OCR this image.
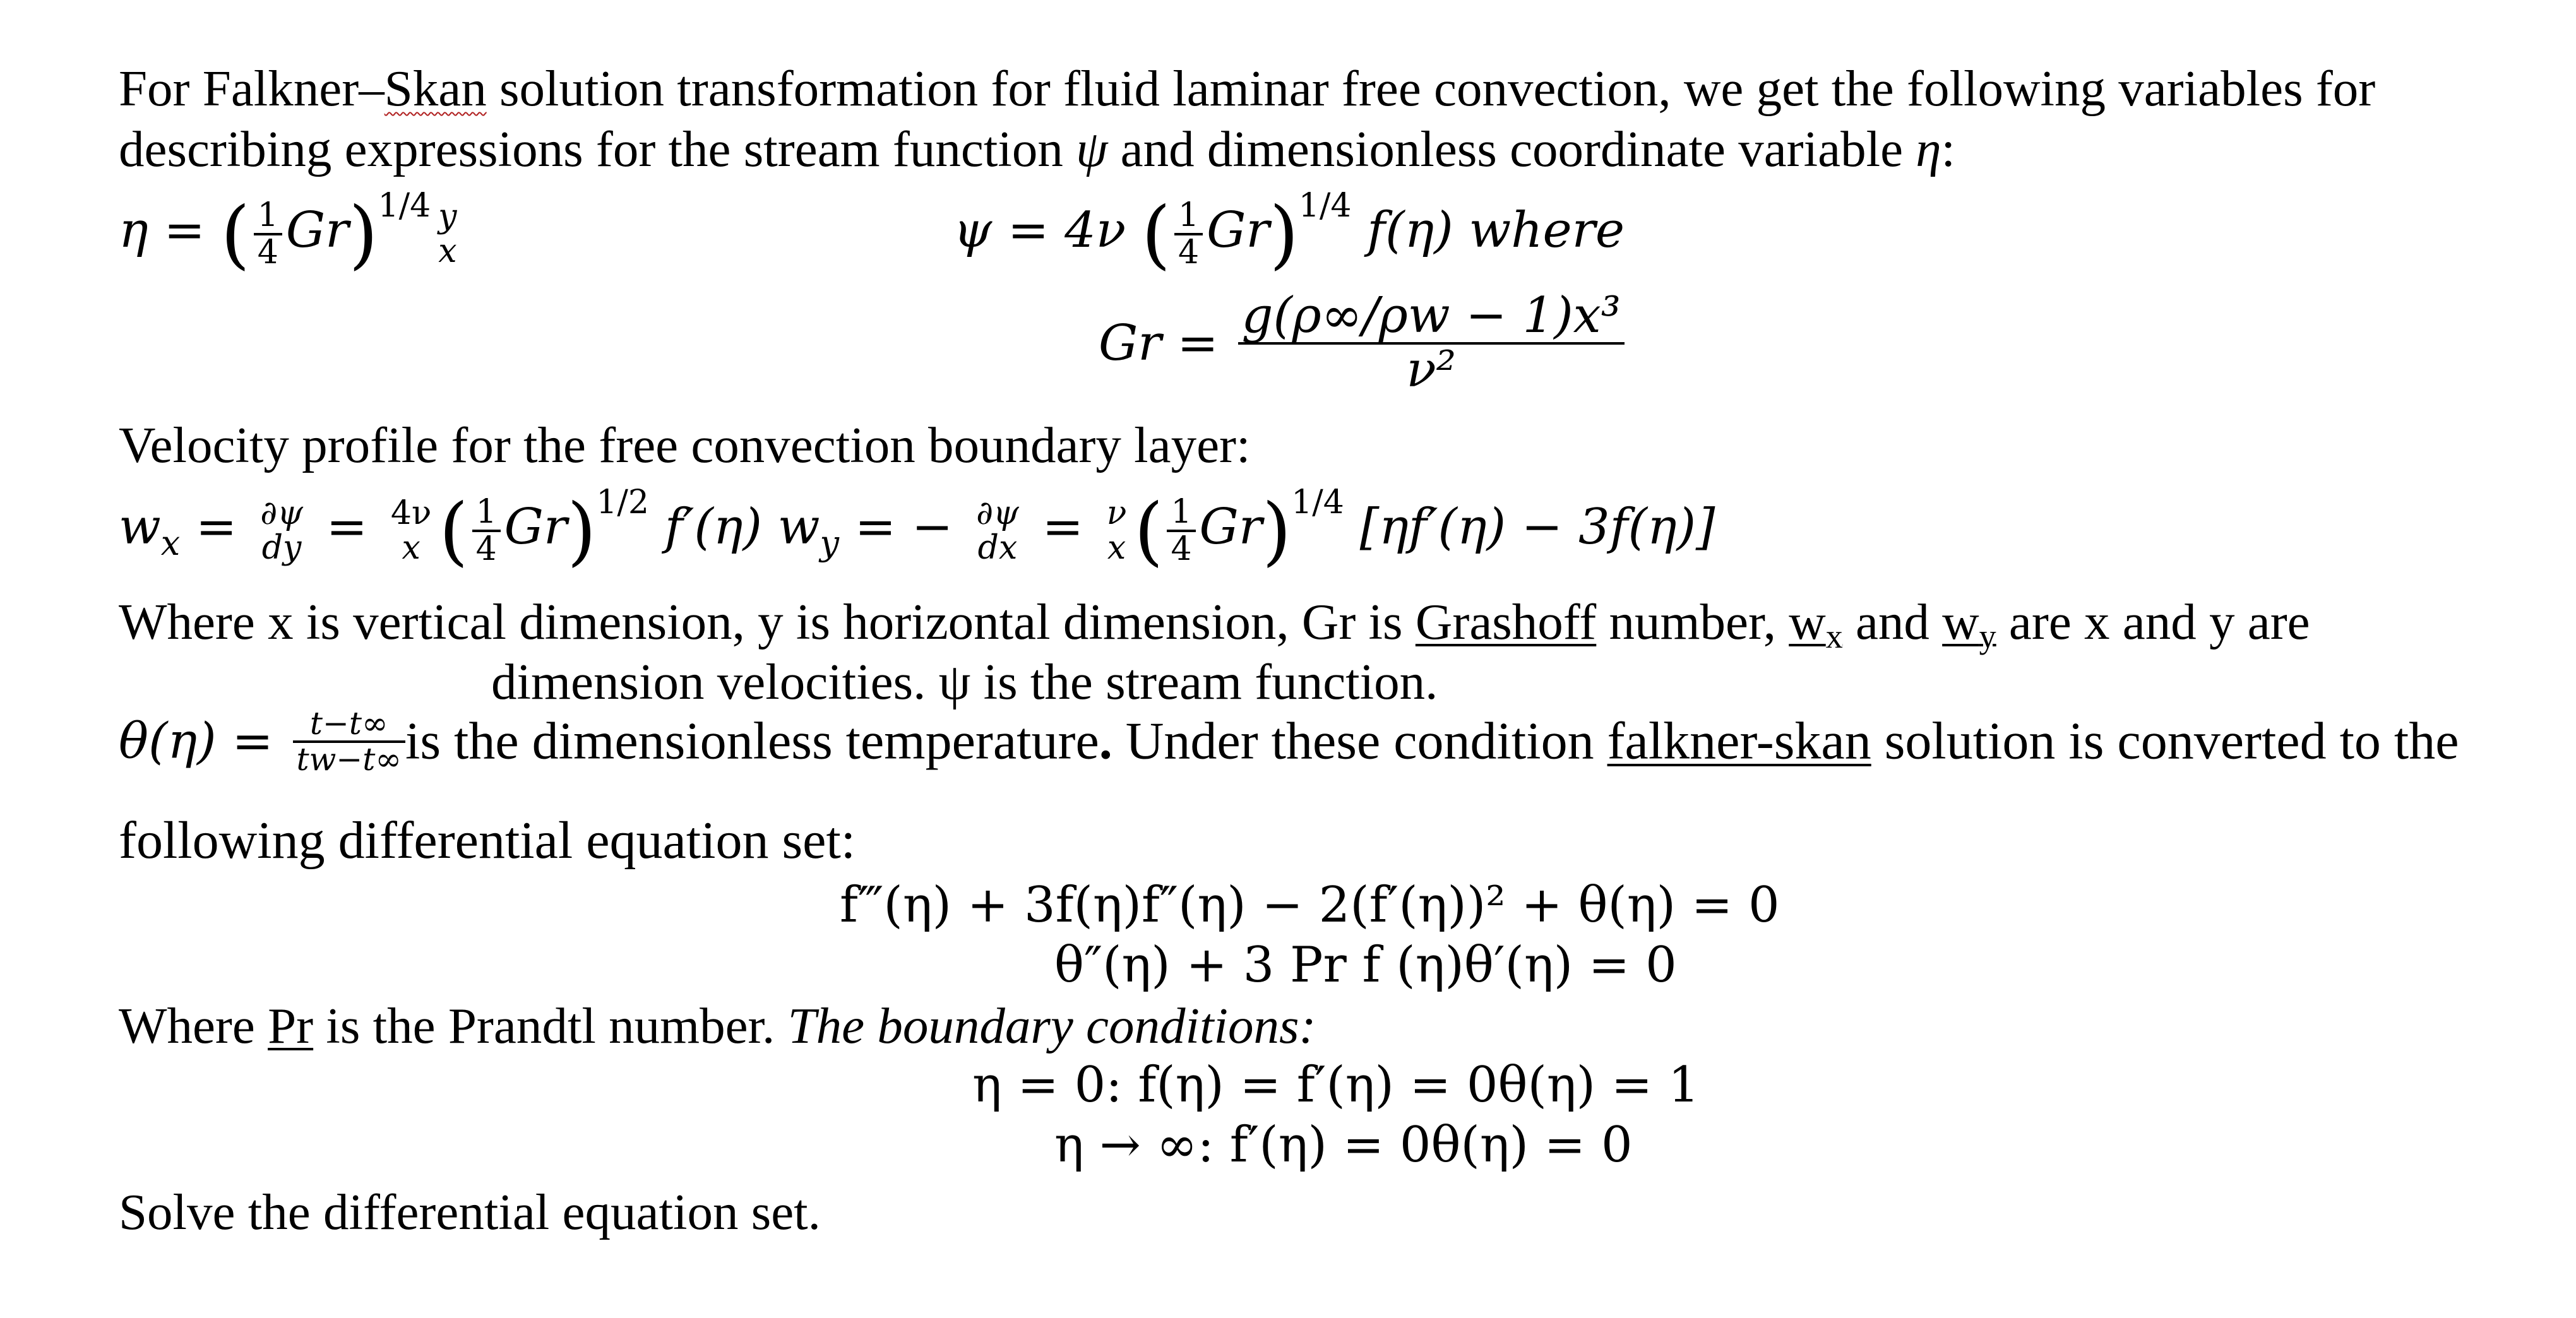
For Falkner–Skan solution transformation for fluid laminar free convection, we get the following variables for
describing expressions for the stream function ψ and dimensionless coordinate variable η:
η = ( $\frac{1}{4} Gr)^{1/4}$ y
x	ψ = 4ν ( $\frac{1}{4} Gr)^{1/4}$ f(η) where
$Gr = \frac{\text{g(ρ∞/ρw − 1)x³}}{\text{ν²}}$
Velocity profile for the free convection boundary layer:
$w_x = \partial\psi$
dy = 4ν
x ( $\frac{1}{4} Gr)^{1/2}$ f′(η) $w_y$ = − ∂ψ
dx = ν
x ( $\frac{1}{4} Gr)^{1/4}$ [ηf′(η) − 3f(η)]
Where x is vertical dimension, y is horizontal dimension, Gr is Grashoff number, wx and wy are x and y are
dimension velocities. ψ is the stream function.
$\theta(\eta) = \frac{t-t\infty}{tw-t\infty}$ is the dimensionless temperature. Under these condition falkner-skan solution is converted to the
following differential equation set:
f‴(η) + 3f(η)f″(η) − 2(f′(η))² + θ(η) = 0
θ″(η) + 3 Pr f (η)θ′(η) = 0
Where Pr is the Prandtl number. The boundary conditions:
η = 0: f(η) = f′(η) = 0θ(η) = 1
η → ∞: f′(η) = 0θ(η) = 0
Solve the differential equation set.
